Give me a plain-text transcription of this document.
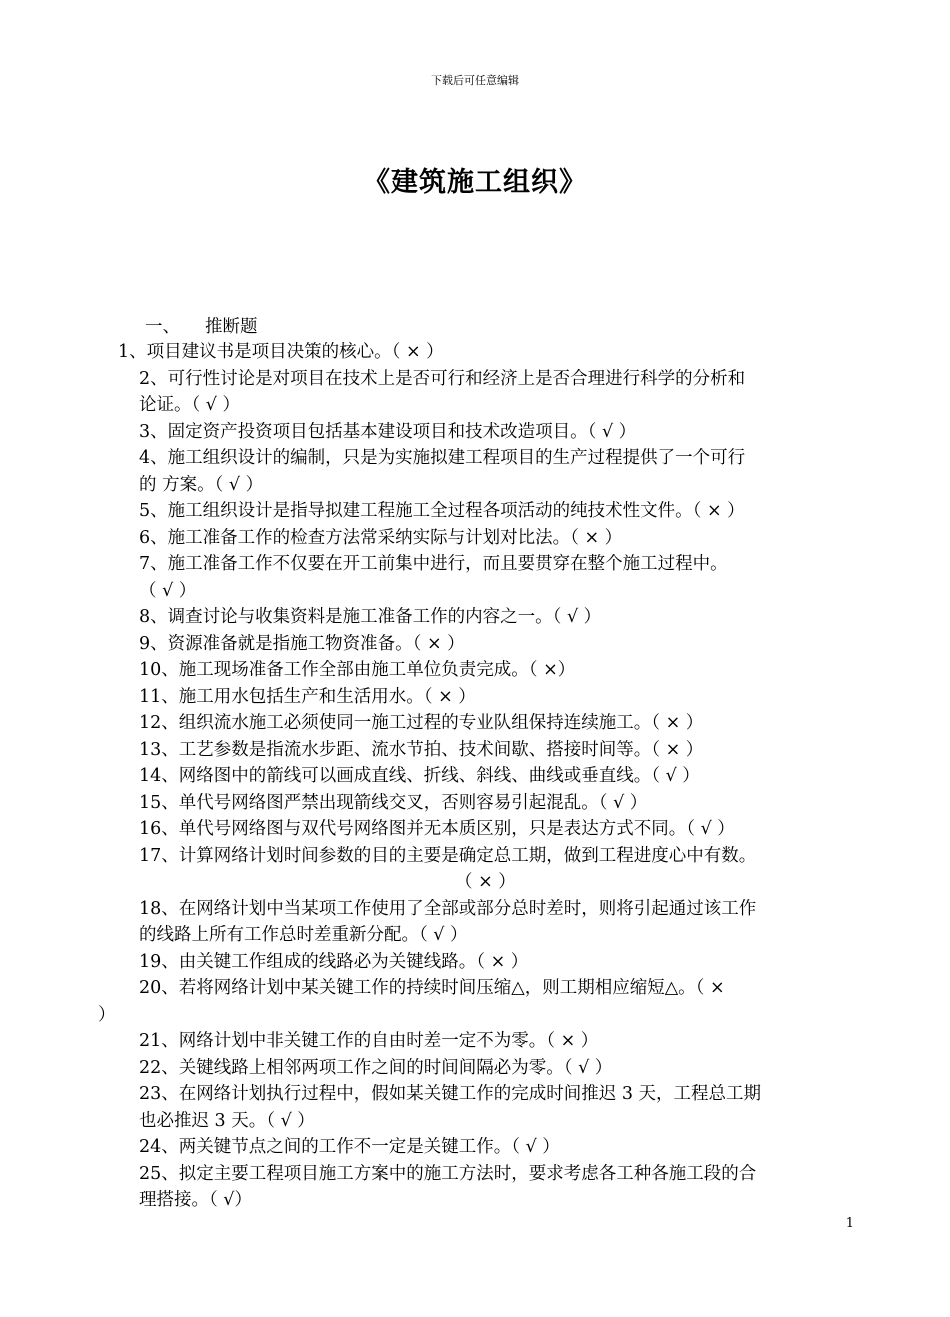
下载后可任意编辑
《建筑施工组织》
一、 推断题
1、项目建议书是项目决策的核心。（ × ）
2、可行性讨论是对项目在技术上是否可行和经济上是否合理进行科学的分析和
论证。（ √ ）
3、固定资产投资项目包括基本建设项目和技术改造项目。（ √ ）
4、施工组织设计的编制，只是为实施拟建工程项目的生产过程提供了一个可行
的 方案。（ √ ）
5、施工组织设计是指导拟建工程施工全过程各项活动的纯技术性文件。（ × ）
6、施工准备工作的检查方法常采纳实际与计划对比法。（ × ）
7、施工准备工作不仅要在开工前集中进行，而且要贯穿在整个施工过程中。
（ √ ）
8、调查讨论与收集资料是施工准备工作的内容之一。（ √ ）
9、资源准备就是指施工物资准备。（ × ）
10、施工现场准备工作全部由施工单位负责完成。（ ×）
11、施工用水包括生产和生活用水。（ × ）
12、组织流水施工必须使同一施工过程的专业队组保持连续施工。（ × ）
13、工艺参数是指流水步距、流水节拍、技术间歇、搭接时间等。（ × ）
14、网络图中的箭线可以画成直线、折线、斜线、曲线或垂直线。（ √ ）
15、单代号网络图严禁出现箭线交叉，否则容易引起混乱。（ √ ）
16、单代号网络图与双代号网络图并无本质区别，只是表达方式不同。（ √ ）
17、计算网络计划时间参数的目的主要是确定总工期，做到工程进度心中有数。
（ × ）
18、在网络计划中当某项工作使用了全部或部分总时差时，则将引起通过该工作
的线路上所有工作总时差重新分配。（ √ ）
19、由关键工作组成的线路必为关键线路。（ × ）
20、若将网络计划中某关键工作的持续时间压缩△，则工期相应缩短△。（ ×
）
21、网络计划中非关键工作的自由时差一定不为零。（ × ）
22、关键线路上相邻两项工作之间的时间间隔必为零。（ √ ）
23、在网络计划执行过程中，假如某关键工作的完成时间推迟 3 天，工程总工期
也必推迟 3 天。（ √ ）
24、两关键节点之间的工作不一定是关键工作。（ √ ）
25、拟定主要工程项目施工方案中的施工方法时，要求考虑各工种各施工段的合
理搭接。（ √）
1
